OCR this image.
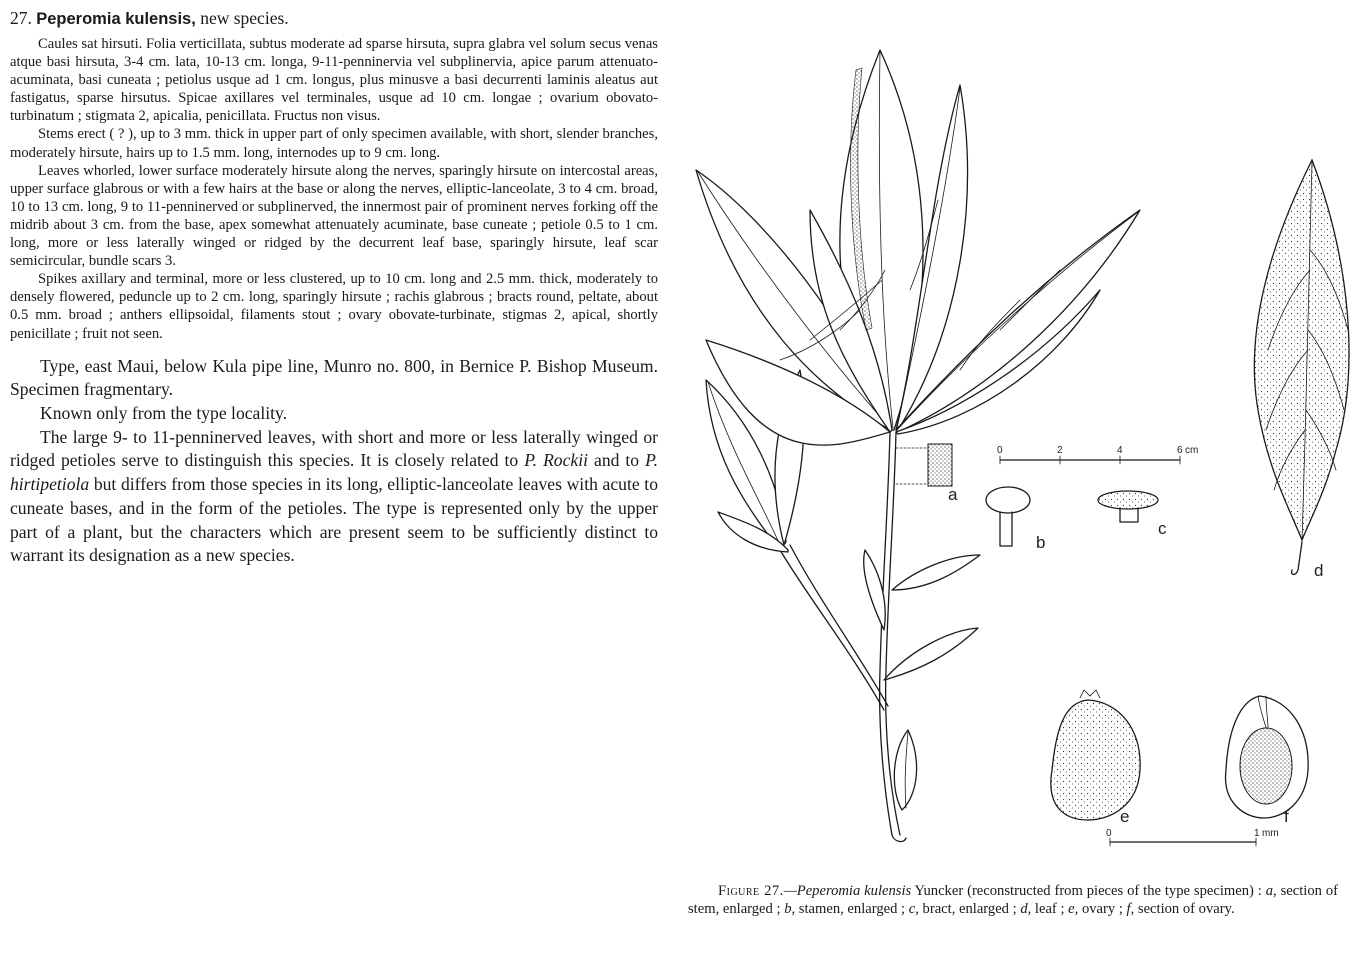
27. Peperomia kulensis, new species.

Caules sat hirsuti. Folia verticillata, subtus moderate ad sparse hirsuta, supra glabra vel solum secus venas atque basi hirsuta, 3-4 cm. lata, 10-13 cm. longa, 9-11-penninervia vel subplinervia, apice parum attenuato-acuminata, basi cuneata ; petiolus usque ad 1 cm. longus, plus minusve a basi decurrenti laminis aleatus aut fastigatus, sparse hirsutus. Spicae axillares vel terminales, usque ad 10 cm. longae ; ovarium obovato-turbinatum ; stigmata 2, apicalia, penicillata. Fructus non visus.

Stems erect ( ? ), up to 3 mm. thick in upper part of only specimen available, with short, slender branches, moderately hirsute, hairs up to 1.5 mm. long, internodes up to 9 cm. long.

Leaves whorled, lower surface moderately hirsute along the nerves, sparingly hirsute on intercostal areas, upper surface glabrous or with a few hairs at the base or along the nerves, elliptic-lanceolate, 3 to 4 cm. broad, 10 to 13 cm. long, 9 to 11-penninerved or subplinerved, the innermost pair of prominent nerves forking off the midrib about 3 cm. from the base, apex somewhat attenuately acuminate, base cuneate ; petiole 0.5 to 1 cm. long, more or less laterally winged or ridged by the decurrent leaf base, sparingly hirsute, leaf scar semicircular, bundle scars 3.

Spikes axillary and terminal, more or less clustered, up to 10 cm. long and 2.5 mm. thick, moderately to densely flowered, peduncle up to 2 cm. long, sparingly hirsute ; rachis glabrous ; bracts round, peltate, about 0.5 mm. broad ; anthers ellipsoidal, filaments stout ; ovary obovate-turbinate, stigmas 2, apical, shortly penicillate ; fruit not seen.

Type, east Maui, below Kula pipe line, Munro no. 800, in Bernice P. Bishop Museum. Specimen fragmentary.

Known only from the type locality.

The large 9- to 11-penninerved leaves, with short and more or less laterally winged or ridged petioles serve to distinguish this species. It is closely related to P. Rockii and to P. hirtipetiola but differs from those species in its long, elliptic-lanceolate leaves with acute to cuneate bases, and in the form of the petioles. The type is represented only by the upper part of a plant, but the characters which are present seem to be sufficiently distinct to warrant its designation as a new species.

a
0	2	4	6 cm
b
c
d
e	f
0	1 mm

Figure 27.—Peperomia kulensis Yuncker (reconstructed from pieces of the type specimen) : a, section of stem, enlarged ; b, stamen, enlarged ; c, bract, enlarged ; d, leaf ; e, ovary ; f, section of ovary.
